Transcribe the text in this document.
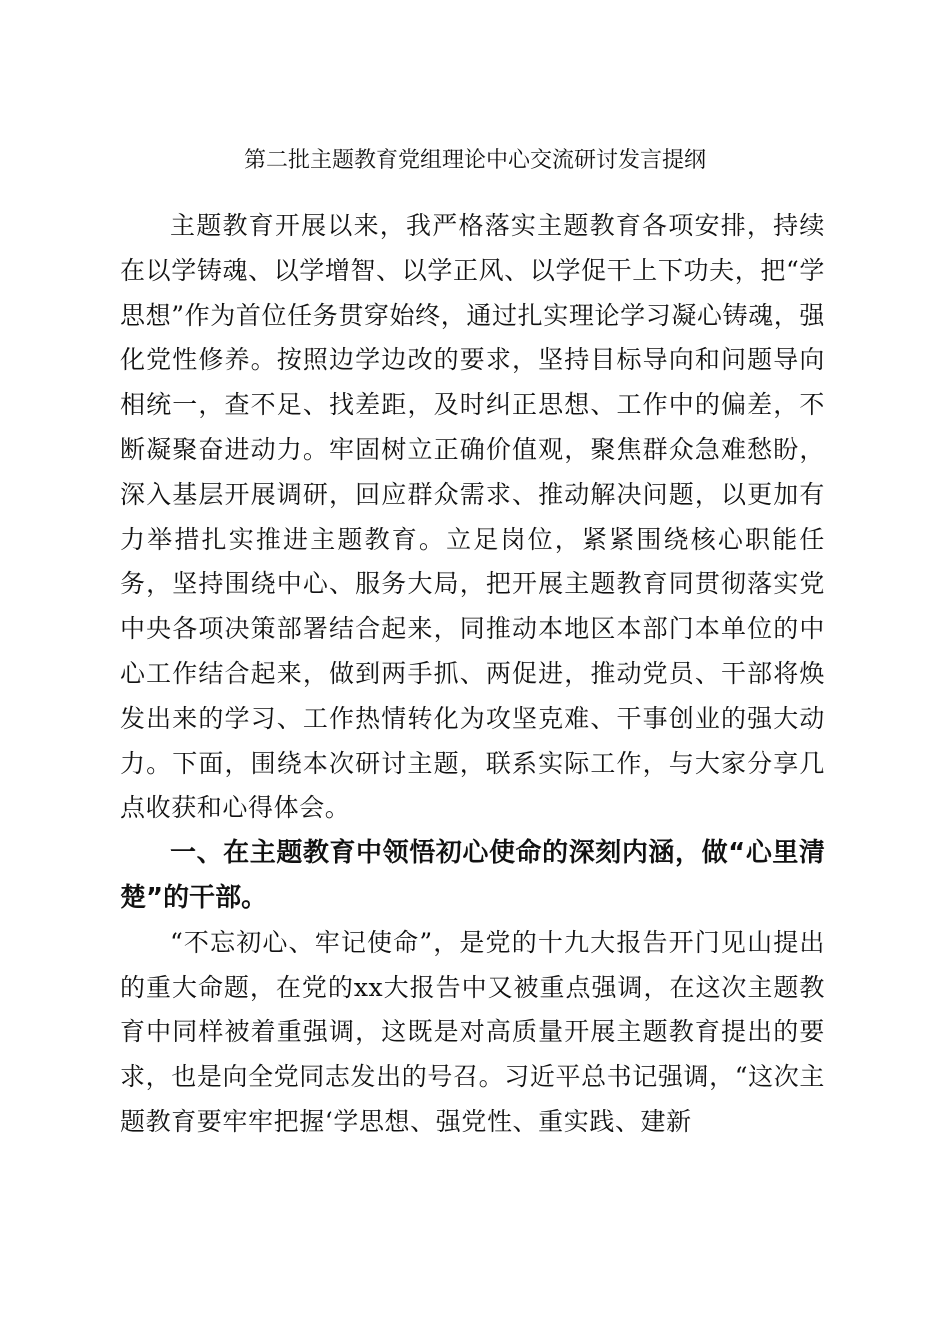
第二批主题教育党组理论中心交流研讨发言提纲

主题教育开展以来，我严格落实主题教育各项安排，持续在以学铸魂、以学增智、以学正风、以学促干上下功夫，把“学思想”作为首位任务贯穿始终，通过扎实理论学习凝心铸魂，强化党性修养。按照边学边改的要求，坚持目标导向和问题导向相统一，查不足、找差距，及时纠正思想、工作中的偏差，不断凝聚奋进动力。牢固树立正确价值观，聚焦群众急难愁盼，深入基层开展调研，回应群众需求、推动解决问题，以更加有力举措扎实推进主题教育。立足岗位，紧紧围绕核心职能任务，坚持围绕中心、服务大局，把开展主题教育同贯彻落实党中央各项决策部署结合起来，同推动本地区本部门本单位的中心工作结合起来，做到两手抓、两促进，推动党员、干部将焕发出来的学习、工作热情转化为攻坚克难、干事创业的强大动力。下面，围绕本次研讨主题，联系实际工作，与大家分享几点收获和心得体会。

一、在主题教育中领悟初心使命的深刻内涵，做“心里清楚”的干部。

“不忘初心、牢记使命”，是党的十九大报告开门见山提出的重大命题，在党的xx大报告中又被重点强调，在这次主题教育中同样被着重强调，这既是对高质量开展主题教育提出的要求，也是向全党同志发出的号召。习近平总书记强调，“这次主题教育要牢牢把握‘学思想、强党性、重实践、建新
